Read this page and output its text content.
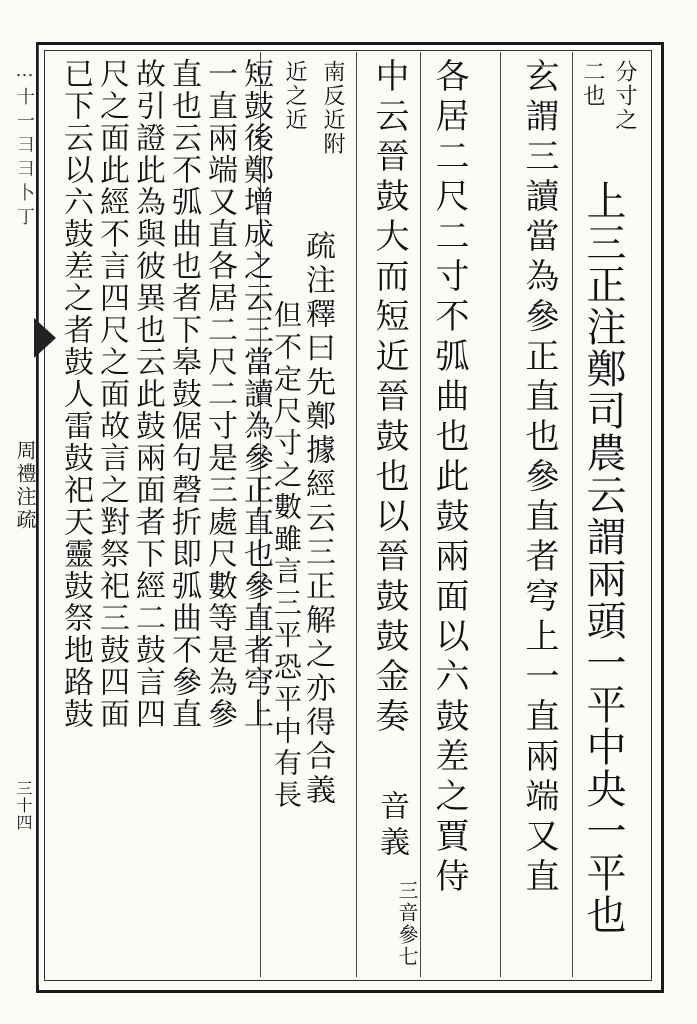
…十一彐彐卜丁
周禮注疏
三十四
分寸之
二也
上三正注鄭司農云謂兩頭一平中央一平也
玄謂三讀當為參正直也參直者穹上一直兩端又直
各居二尺二寸不弧曲也此鼓兩面以六鼓差之賈侍
中云晉鼓大而短近晉鼓也以晉鼓鼓金奏
音義
三音參七
南反近附
疏注釋曰先鄭據經云三正解之亦得合義
近之近
但不定尺寸之數雖言三平恐平中有長
短鼓後鄭增成之云三當讀為參正直也參直者穹上
一直兩端又直各居二尺二寸是三處尺數等是為參
直也云不弧曲也者下皋鼓倨句磬折即弧曲不參直
故引證此為與彼異也云此鼓兩面者下經二鼓言四
尺之面此經不言四尺之面故言之對祭祀三鼓四面
已下云以六鼓差之者鼓人雷鼓祀天靈鼓祭地路鼓
